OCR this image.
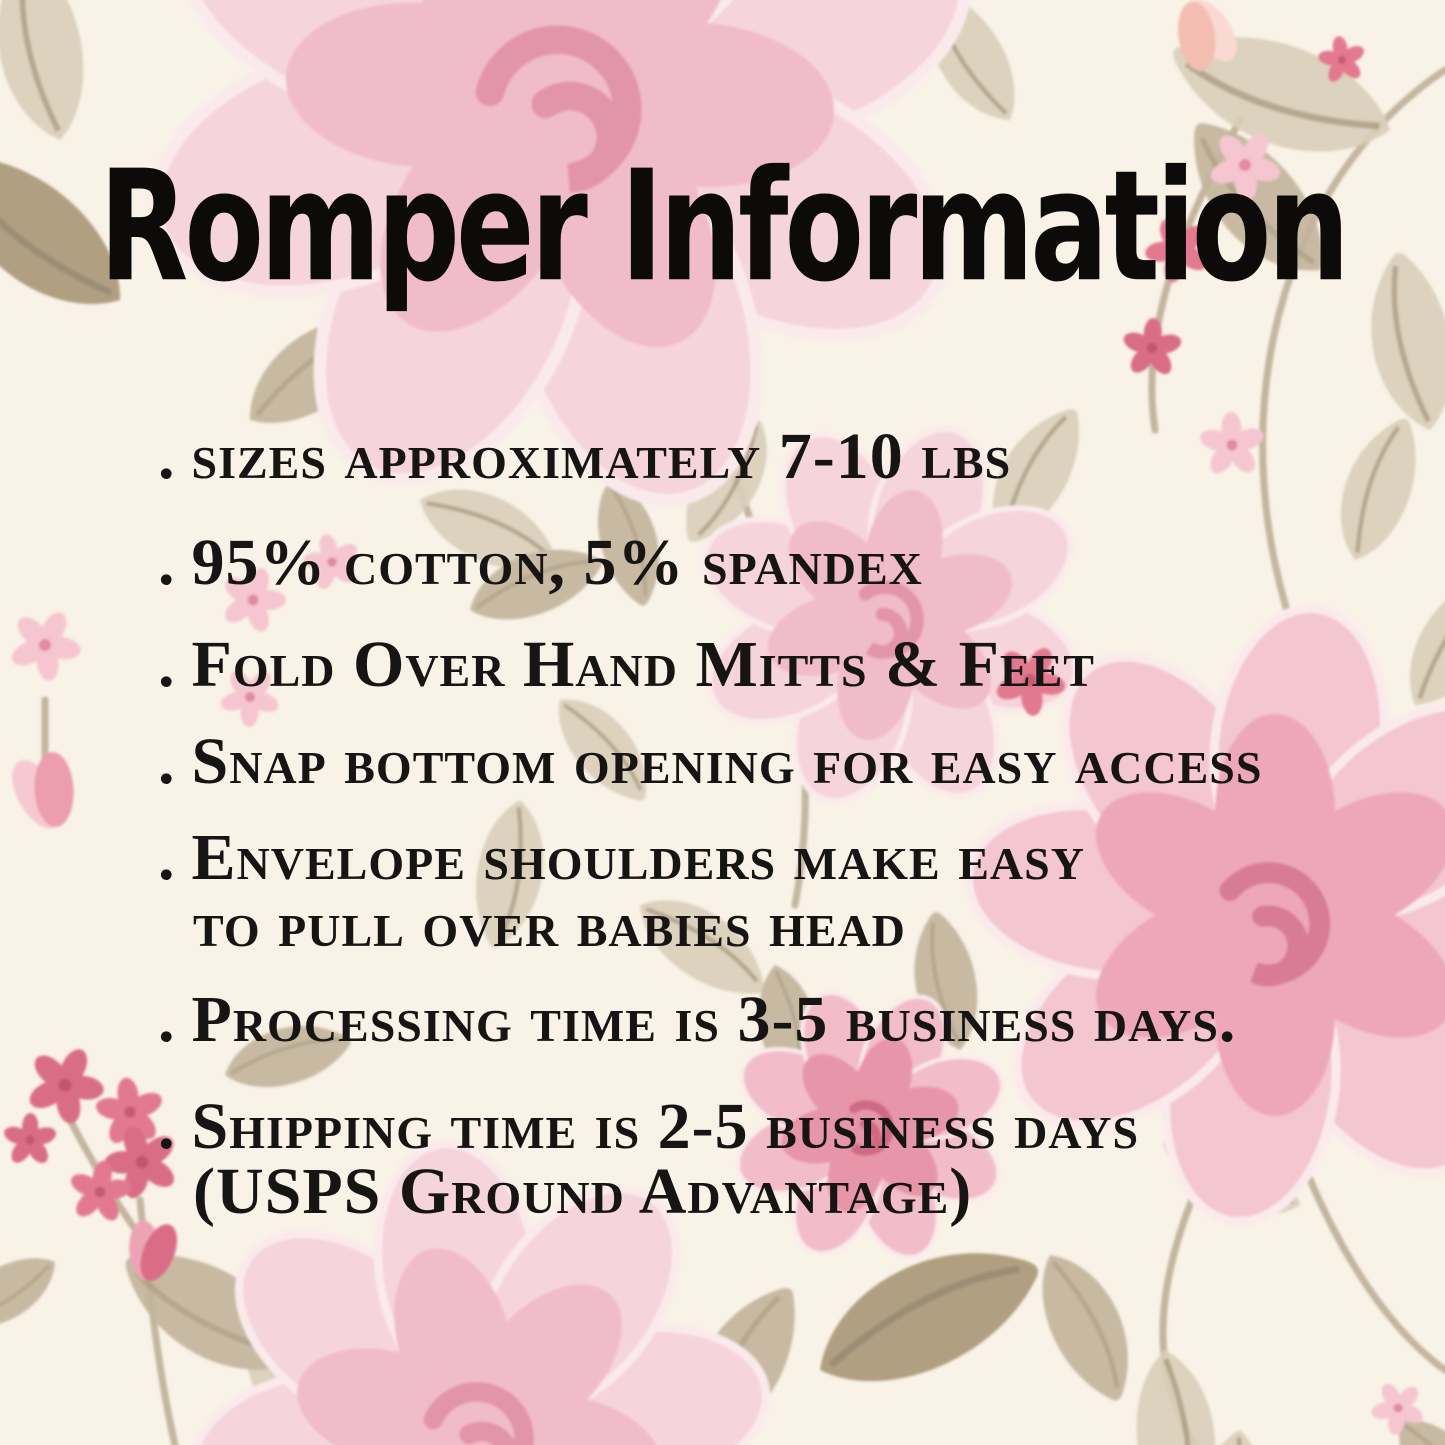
Romper Information
. sizes approximately 7-10 lbs
. 95% cotton, 5% spandex
. Fold Over Hand Mitts & Feet
. Snap bottom opening for easy access
. Envelope shoulders make easy
to pull over babies head
. Processing time is 3-5 business days.
. Shipping time is 2-5 business days
(USPS Ground Advantage)
